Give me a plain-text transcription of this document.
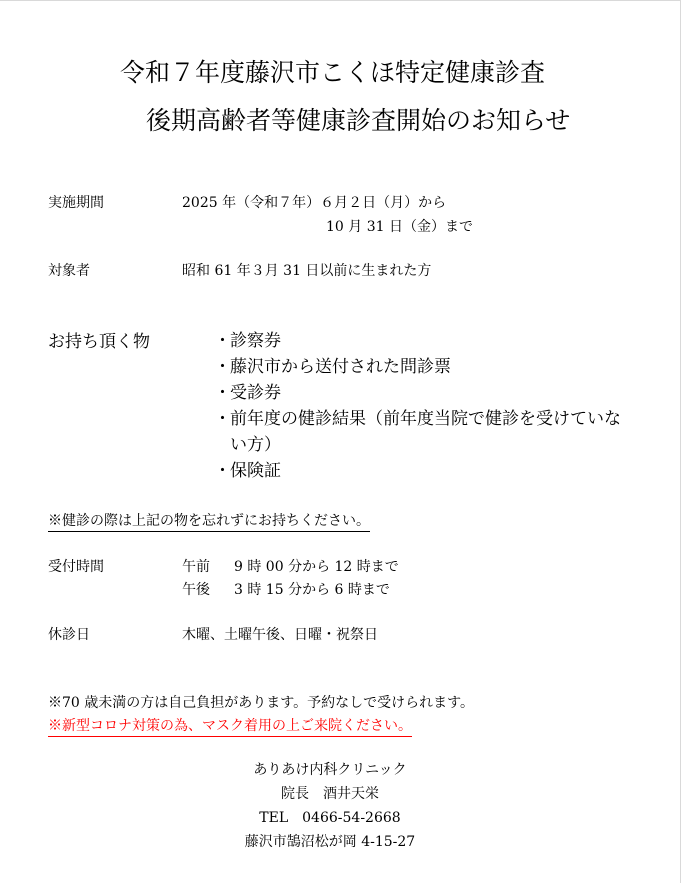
令和７年度藤沢市こくほ特定健康診査
後期高齢者等健康診査開始のお知らせ
実施期間	2025 年（令和７年）６月２日（月）から
10 月 31 日（金）まで
対象者	昭和 61 年３月 31 日以前に生まれた方
お持ち頂く物	・ 診察券
・ 藤沢市から送付された問診票
・ 受診券
・ 前年度の健診結果（前年度当院で健診を受けていない方）
・ 保険証
※健診の際は上記の物を忘れずにお持ちください。
受付時間	午前 9 時 00 分から 12 時まで
午後 3 時 15 分から 6 時まで
休診日	木曜、土曜午後、日曜・祝祭日
※70 歳未満の方は自己負担があります。予約なしで受けられます。
※新型コロナ対策の為、マスク着用の上ご来院ください。
ありあけ内科クリニック
院長　酒井天栄
TEL　0466-54-2668
藤沢市鵠沼松が岡 4-15-27
